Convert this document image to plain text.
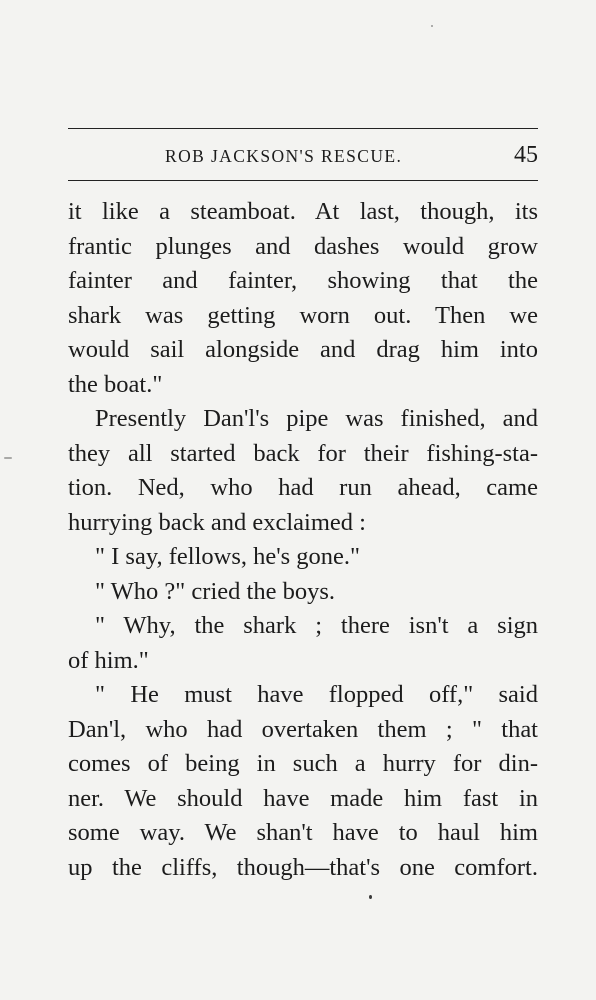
ROB JACKSON'S RESCUE.	45
it like a steamboat. At last, though, its
frantic plunges and dashes would grow
fainter and fainter, showing that the
shark was getting worn out. Then we
would sail alongside and drag him into
the boat."
Presently Dan'l's pipe was finished, and
they all started back for their fishing-sta-
tion. Ned, who had run ahead, came
hurrying back and exclaimed :
" I say, fellows, he's gone."
" Who ?" cried the boys.
" Why, the shark ; there isn't a sign
of him."
" He must have flopped off," said
Dan'l, who had overtaken them ; " that
comes of being in such a hurry for din-
ner. We should have made him fast in
some way. We shan't have to haul him
up the cliffs, though—that's one comfort.
